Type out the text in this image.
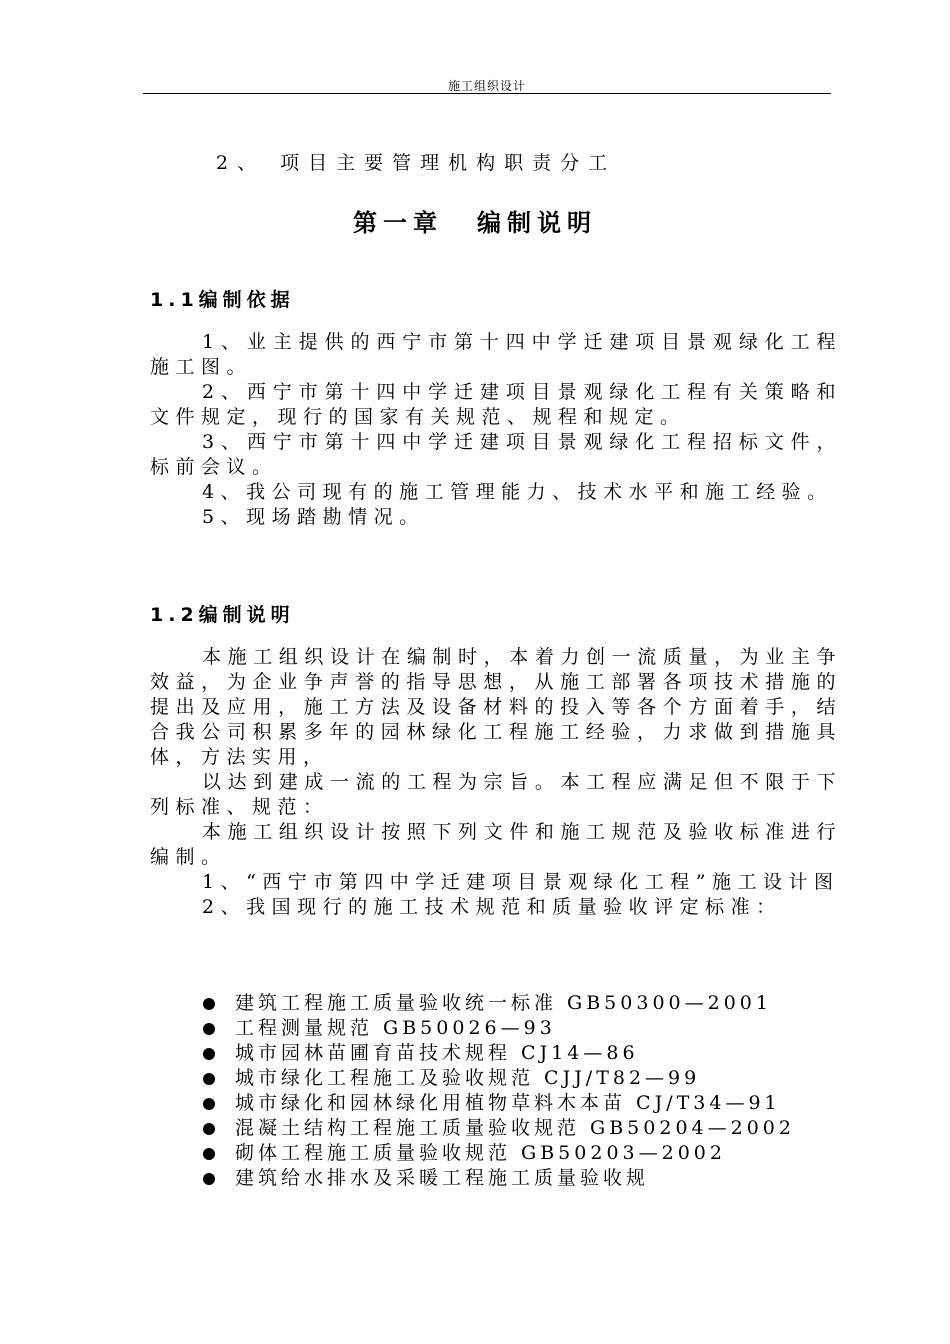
施工组织设计
2、 项目主要管理机构职责分工
第一章 编制说明
1.1编制依据

1、业主提供的西宁市第十四中学迁建项目景观绿化工程施工图。

2、西宁市第十四中学迁建项目景观绿化工程有关策略和文件规定，现行的国家有关规范、规程和规定。

3、西宁市第十四中学迁建项目景观绿化工程招标文件，标前会议。

4、我公司现有的施工管理能力、技术水平和施工经验。

5、现场踏勘情况。

1.2编制说明

本施工组织设计在编制时，本着力创一流质量，为业主争效益，为企业争声誉的指导思想，从施工部署各项技术措施的提出及应用，施工方法及设备材料的投入等各个方面着手，结合我公司积累多年的园林绿化工程施工经验，力求做到措施具体，方法实用，

以达到建成一流的工程为宗旨。本工程应满足但不限于下列标准、规范：

本施工组织设计按照下列文件和施工规范及验收标准进行编制。

1、“西宁市第四中学迁建项目景观绿化工程”施工设计图

2、我国现行的施工技术规范和质量验收评定标准：

建筑工程施工质量验收统一标准 GB50300—2001
工程测量规范 GB50026—93
城市园林苗圃育苗技术规程 CJ14—86
城市绿化工程施工及验收规范 CJJ/T82—99
城市绿化和园林绿化用植物草料木本苗 CJ/T34—91
混凝土结构工程施工质量验收规范 GB50204—2002
砌体工程施工质量验收规范 GB50203—2002
建筑给水排水及采暖工程施工质量验收规
